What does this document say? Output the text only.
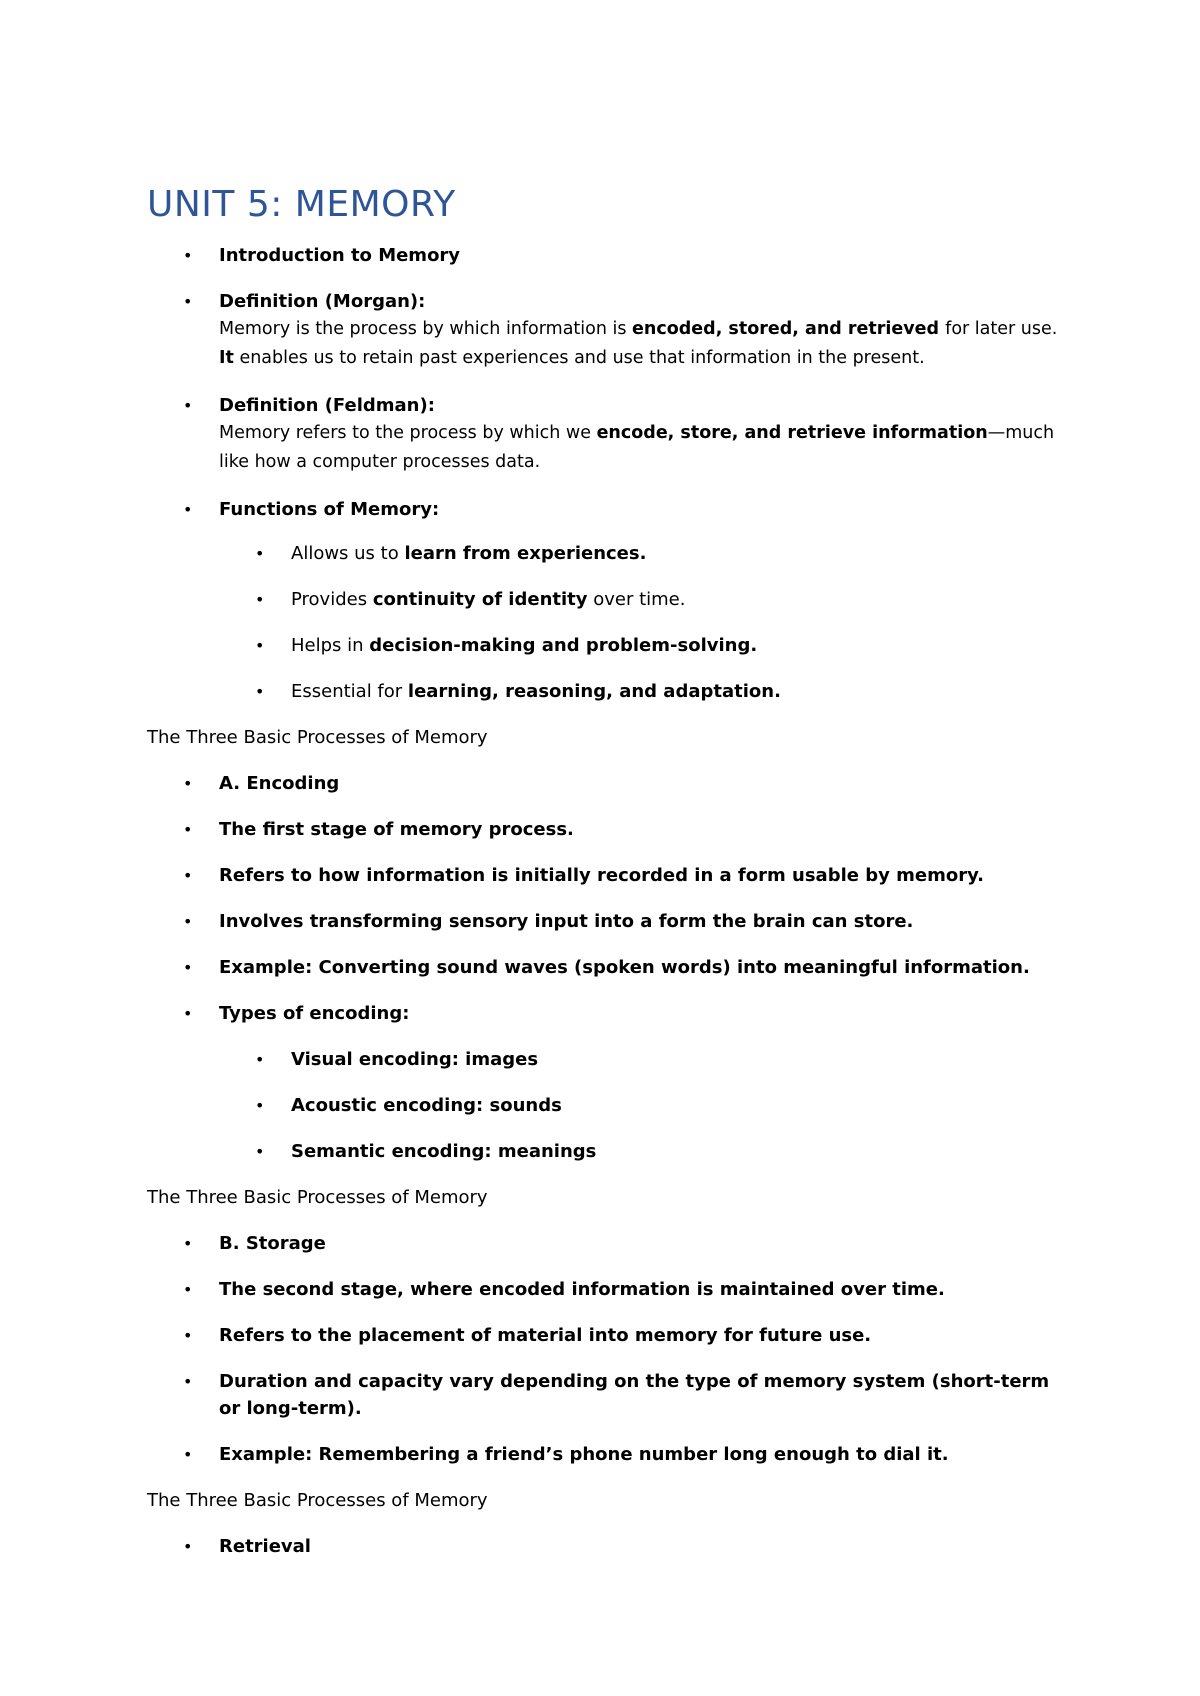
UNIT 5: MEMORY
• Introduction to Memory
• Definition (Morgan):
Memory is the process by which information is encoded, stored, and retrieved for later use.
It enables us to retain past experiences and use that information in the present.
• Definition (Feldman):
Memory refers to the process by which we encode, store, and retrieve information—much like how a computer processes data.
• Functions of Memory:
• Allows us to learn from experiences.
• Provides continuity of identity over time.
• Helps in decision-making and problem-solving.
• Essential for learning, reasoning, and adaptation.

The Three Basic Processes of Memory

• A. Encoding
• The first stage of memory process.
• Refers to how information is initially recorded in a form usable by memory.
• Involves transforming sensory input into a form the brain can store.
• Example: Converting sound waves (spoken words) into meaningful information.
• Types of encoding:
• Visual encoding: images
• Acoustic encoding: sounds
• Semantic encoding: meanings

The Three Basic Processes of Memory

• B. Storage
• The second stage, where encoded information is maintained over time.
• Refers to the placement of material into memory for future use.
• Duration and capacity vary depending on the type of memory system (short-term or long-term).
• Example: Remembering a friend’s phone number long enough to dial it.

The Three Basic Processes of Memory

• Retrieval
